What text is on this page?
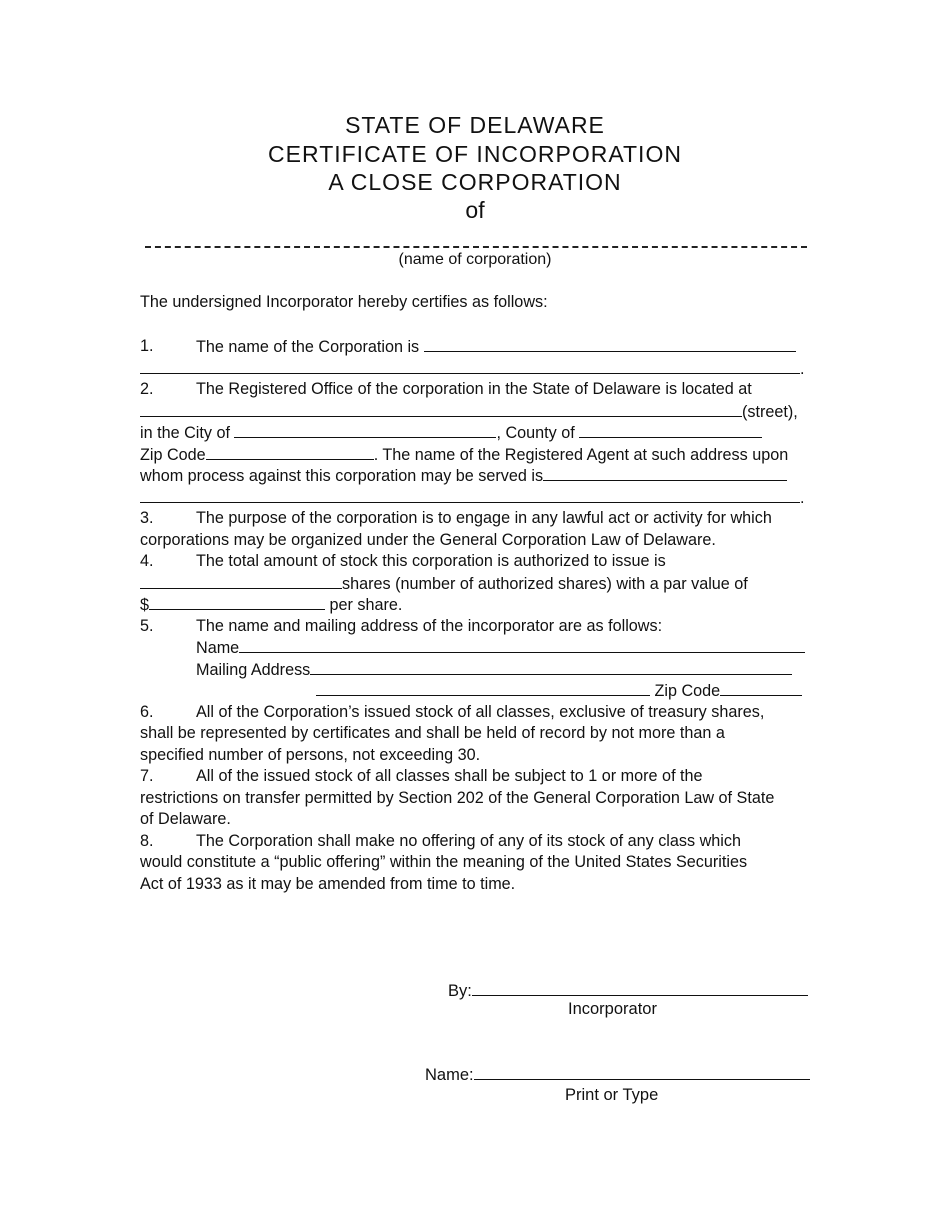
STATE OF DELAWARE
CERTIFICATE OF INCORPORATION
A CLOSE CORPORATION
of
(name of corporation)
The undersigned Incorporator hereby certifies as follows:
1.	The name of the Corporation is
.
2.	The Registered Office of the corporation in the State of Delaware is located at
(street),
in the City of	, County of
Zip Code	. The name of the Registered Agent at such address upon
whom process against this corporation may be served is
.
3.	The purpose of the corporation is to engage in any lawful act or activity for which
corporations may be organized under the General Corporation Law of Delaware.
4.	The total amount of stock this corporation is authorized to issue is
shares (number of authorized shares) with a par value of
$	per share.
5.	The name and mailing address of the incorporator are as follows:
Name
Mailing Address
Zip Code
6.	All of the Corporation’s issued stock of all classes, exclusive of treasury shares,
shall be represented by certificates and shall be held of record by not more than a
specified number of persons, not exceeding 30.
7.	All of the issued stock of all classes shall be subject to 1 or more of the
restrictions on transfer permitted by Section 202 of the General Corporation Law of State
of Delaware.
8.	The Corporation shall make no offering of any of its stock of any class which
would constitute a “public offering” within the meaning of the United States Securities
Act of 1933 as it may be amended from time to time.
By:
Incorporator
Name:
Print or Type
